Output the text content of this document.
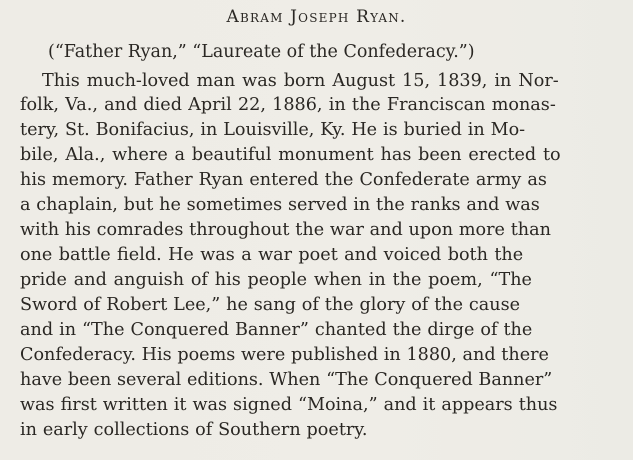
Abram Joseph Ryan.
(“Father Ryan,” “Laureate of the Confederacy.”)
This much-loved man was born August 15, 1839, in Nor-
folk, Va., and died April 22, 1886, in the Franciscan monas-
tery, St. Bonifacius, in Louisville, Ky. He is buried in Mo-
bile, Ala., where a beautiful monument has been erected to
his memory. Father Ryan entered the Confederate army as
a chaplain, but he sometimes served in the ranks and was
with his comrades throughout the war and upon more than
one battle field. He was a war poet and voiced both the
pride and anguish of his people when in the poem, “The
Sword of Robert Lee,” he sang of the glory of the cause
and in “The Conquered Banner” chanted the dirge of the
Confederacy. His poems were published in 1880, and there
have been several editions. When “The Conquered Banner”
was first written it was signed “Moina,” and it appears thus
in early collections of Southern poetry.
